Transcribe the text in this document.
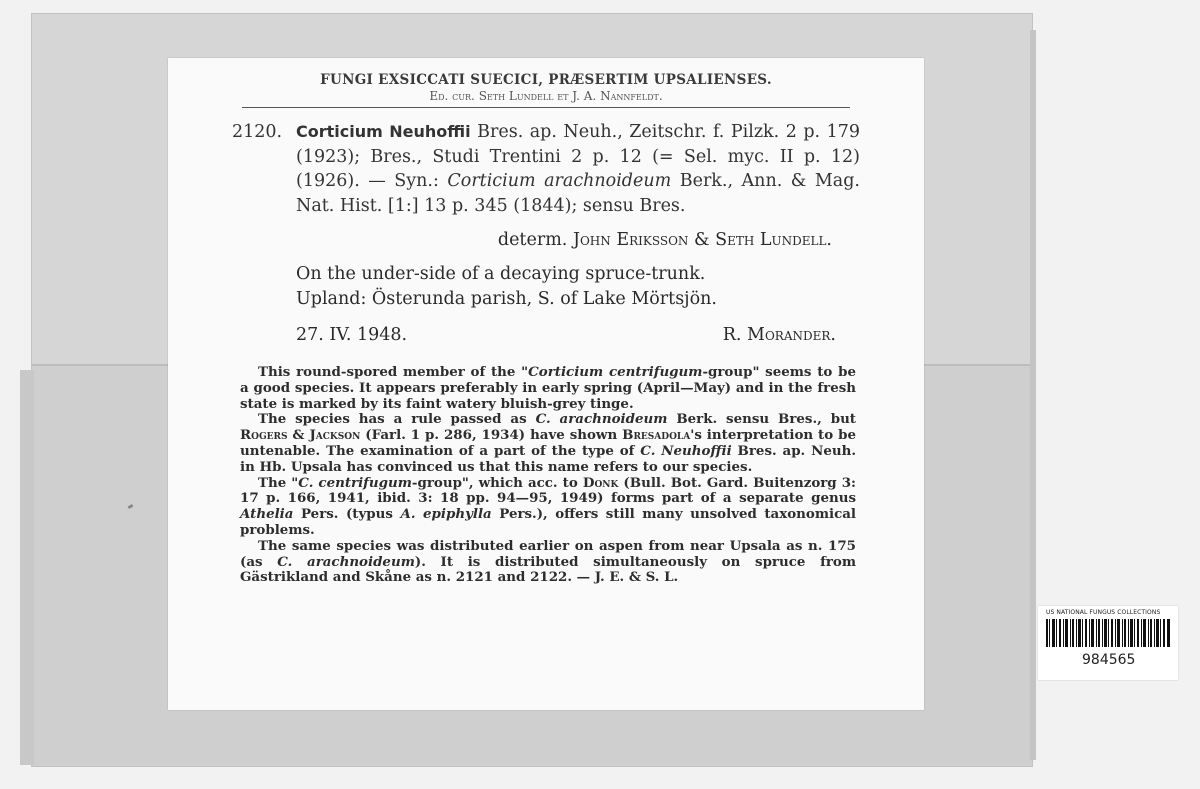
FUNGI EXSICCATI SUECICI, PRÆSERTIM UPSALIENSES.
Ed. cur. Seth Lundell et J. A. Nannfeldt.
2120. Corticium Neuhoffii Bres. ap. Neuh., Zeitschr. f. Pilzk. 2 p. 179 (1923); Bres., Studi Trentini 2 p. 12 (= Sel. myc. II p. 12) (1926). — Syn.: Corticium arachnoideum Berk., Ann. & Mag. Nat. Hist. [1:] 13 p. 345 (1844); sensu Bres.
determ. John Eriksson & Seth Lundell.
On the under-side of a decaying spruce-trunk.
Upland: Österunda parish, S. of Lake Mörtsjön.
27. IV. 1948.	R. Morander.

This round-spored member of the "Corticium centrifugum-group" seems to be a good species. It appears preferably in early spring (April—May) and in the fresh state is marked by its faint watery bluish-grey tinge.

The species has a rule passed as C. arachnoideum Berk. sensu Bres., but Rogers & Jackson (Farl. 1 p. 286, 1934) have shown Bresadola's interpretation to be untenable. The examination of a part of the type of C. Neuhoffii Bres. ap. Neuh. in Hb. Upsala has convinced us that this name refers to our species.

The "C. centrifugum-group", which acc. to Donk (Bull. Bot. Gard. Buitenzorg 3: 17 p. 166, 1941, ibid. 3: 18 pp. 94—95, 1949) forms part of a separate genus Athelia Pers. (typus A. epiphylla Pers.), offers still many unsolved taxonomical problems.

The same species was distributed earlier on aspen from near Upsala as n. 175 (as C. arachnoideum). It is distributed simultaneously on spruce from Gästrikland and Skåne as n. 2121 and 2122. — J. E. & S. L.

US NATIONAL FUNGUS COLLECTIONS
984565
